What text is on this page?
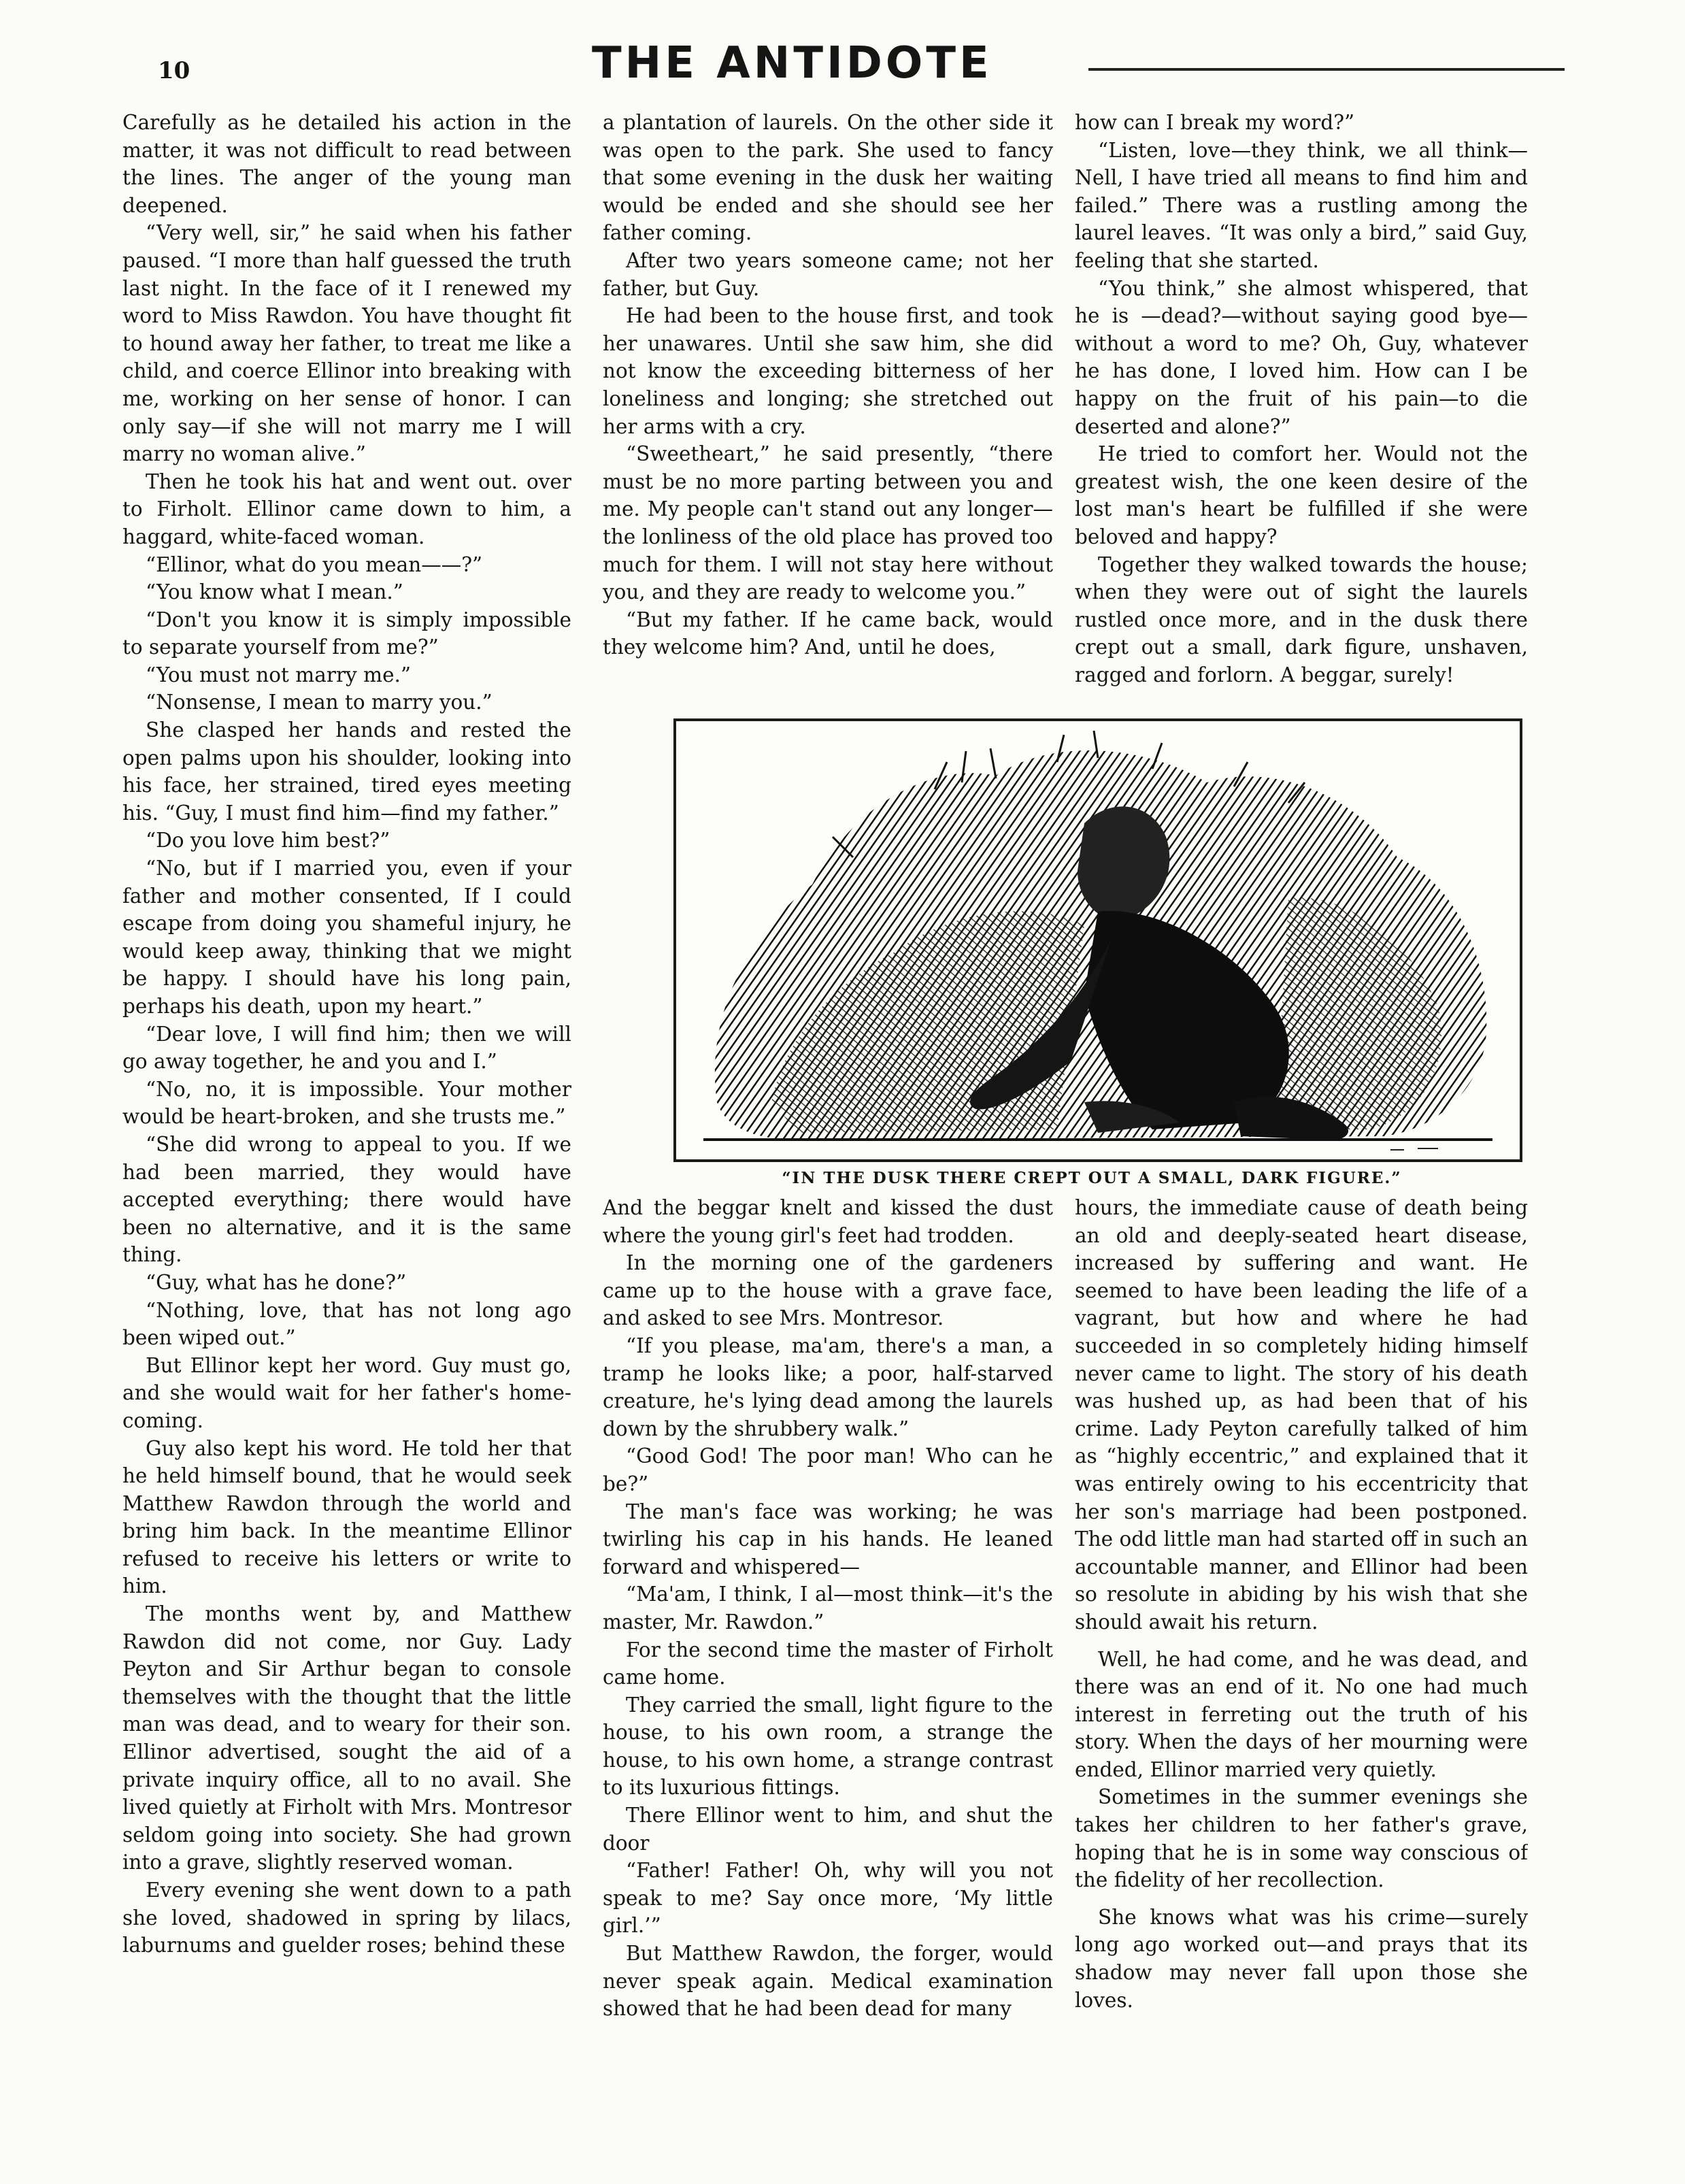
10	THE ANTIDOTE

Carefully as he detailed his action in the matter, it was not difficult to read between the lines. The anger of the young man deepened.

“Very well, sir,” he said when his father paused. “I more than half guessed the truth last night. In the face of it I renewed my word to Miss Rawdon. You have thought fit to hound away her father, to treat me like a child, and coerce Ellinor into breaking with me, working on her sense of honor. I can only say—if she will not marry me I will marry no woman alive.”

Then he took his hat and went out. over to Firholt. Ellinor came down to him, a haggard, white-faced woman.

“Ellinor, what do you mean——?”

“You know what I mean.”

“Don't you know it is simply impossible to separate yourself from me?”

“You must not marry me.”

“Nonsense, I mean to marry you.”

She clasped her hands and rested the open palms upon his shoulder, looking into his face, her strained, tired eyes meeting his. “Guy, I must find him—find my father.”

“Do you love him best?”

“No, but if I married you, even if your father and mother consented, If I could escape from doing you shameful injury, he would keep away, thinking that we might be happy. I should have his long pain, perhaps his death, upon my heart.”

“Dear love, I will find him; then we will go away together, he and you and I.”

“No, no, it is impossible. Your mother would be heart-broken, and she trusts me.”

“She did wrong to appeal to you. If we had been married, they would have accepted everything; there would have been no alternative, and it is the same thing.

“Guy, what has he done?”

“Nothing, love, that has not long ago been wiped out.”

But Ellinor kept her word. Guy must go, and she would wait for her father's home-coming.

Guy also kept his word. He told her that he held himself bound, that he would seek Matthew Rawdon through the world and bring him back. In the meantime Ellinor refused to receive his letters or write to him.

The months went by, and Matthew Rawdon did not come, nor Guy. Lady Peyton and Sir Arthur began to console themselves with the thought that the little man was dead, and to weary for their son. Ellinor advertised, sought the aid of a private inquiry office, all to no avail. She lived quietly at Firholt with Mrs. Montresor seldom going into society. She had grown into a grave, slightly reserved woman.

Every evening she went down to a path she loved, shadowed in spring by lilacs, laburnums and guelder roses; behind these

a plantation of laurels. On the other side it was open to the park. She used to fancy that some evening in the dusk her waiting would be ended and she should see her father coming.

After two years someone came; not her father, but Guy.

He had been to the house first, and took her unawares. Until she saw him, she did not know the exceeding bitterness of her loneliness and longing; she stretched out her arms with a cry.

“Sweetheart,” he said presently, “there must be no more parting between you and me. My people can't stand out any longer—the lonliness of the old place has proved too much for them. I will not stay here without you, and they are ready to welcome you.”

“But my father. If he came back, would they welcome him? And, until he does,

how can I break my word?”

“Listen, love—they think, we all think—Nell, I have tried all means to find him and failed.” There was a rustling among the laurel leaves. “It was only a bird,” said Guy, feeling that she started.

“You think,” she almost whispered, that he is —dead?—without saying good bye—without a word to me? Oh, Guy, whatever he has done, I loved him. How can I be happy on the fruit of his pain—to die deserted and alone?”

He tried to comfort her. Would not the greatest wish, the one keen desire of the lost man's heart be fulfilled if she were beloved and happy?

Together they walked towards the house; when they were out of sight the laurels rustled once more, and in the dusk there crept out a small, dark figure, unshaven, ragged and forlorn. A beggar, surely!

“IN THE DUSK THERE CREPT OUT A SMALL, DARK FIGURE.”

And the beggar knelt and kissed the dust where the young girl's feet had trodden.

In the morning one of the gardeners came up to the house with a grave face, and asked to see Mrs. Montresor.

“If you please, ma'am, there's a man, a tramp he looks like; a poor, half-starved creature, he's lying dead among the laurels down by the shrubbery walk.”

“Good God! The poor man! Who can he be?”

The man's face was working; he was twirling his cap in his hands. He leaned forward and whispered—

“Ma'am, I think, I al—most think—it's the master, Mr. Rawdon.”

For the second time the master of Firholt came home.

They carried the small, light figure to the house, to his own room, a strange the house, to his own home, a strange contrast to its luxurious fittings.

There Ellinor went to him, and shut the door

“Father! Father! Oh, why will you not speak to me? Say once more, ‘My little girl.’”

But Matthew Rawdon, the forger, would never speak again. Medical examination showed that he had been dead for many

hours, the immediate cause of death being an old and deeply-seated heart disease, increased by suffering and want. He seemed to have been leading the life of a vagrant, but how and where he had succeeded in so completely hiding himself never came to light. The story of his death was hushed up, as had been that of his crime. Lady Peyton carefully talked of him as “highly eccentric,” and explained that it was entirely owing to his eccentricity that her son's marriage had been postponed. The odd little man had started off in such an accountable manner, and Ellinor had been so resolute in abiding by his wish that she should await his return.

Well, he had come, and he was dead, and there was an end of it. No one had much interest in ferreting out the truth of his story. When the days of her mourning were ended, Ellinor married very quietly.

Sometimes in the summer evenings she takes her children to her father's grave, hoping that he is in some way conscious of the fidelity of her recollection.

She knows what was his crime—surely long ago worked out—and prays that its shadow may never fall upon those she loves.
